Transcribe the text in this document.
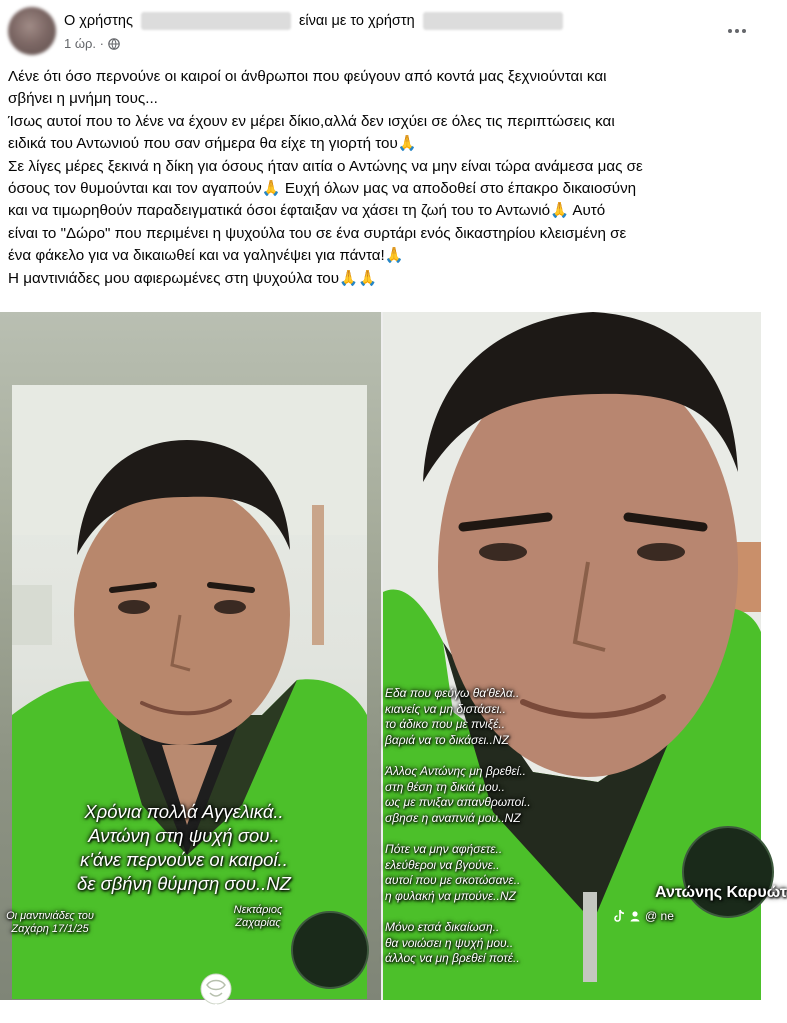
Ο χρήστης	είναι με το χρήστη
1 ώρ. ·

Λένε ότι όσο περνούνε οι καιροί οι άνθρωποι που φεύγουν από κοντά μας ξεχνιούνται και

σβήνει η μνήμη τους...

Ίσως αυτοί που το λένε να έχουν εν μέρει δίκιο,αλλά δεν ισχύει σε όλες τις περιπτώσεις και

ειδικά του Αντωνιού που σαν σήμερα θα είχε τη γιορτή του🙏

Σε λίγες μέρες ξεκινά η δίκη για όσους ήταν αιτία ο Αντώνης να μην είναι τώρα ανάμεσα μας σε

όσους τον θυμούνται και τον αγαπούν🙏 Ευχή όλων μας να αποδοθεί στο έπακρο δικαιοσύνη

και να τιμωρηθούν παραδειγματικά όσοι έφταιξαν να χάσει τη ζωή του το Αντωνιό🙏 Αυτό

είναι το "Δώρο" που περιμένει η ψυχούλα του σε ένα συρτάρι ενός δικαστηρίου κλεισμένη σε

ένα φάκελο για να δικαιωθεί και να γαληνέψει για πάντα!🙏

Η μαντινιάδες μου αφιερωμένες στη ψυχούλα του🙏🙏

Χρόνια πολλά Αγγελικά..
Αντώνη στη ψυχή σου..
κ'άνε περνούνε οι καιροί..
δε σβήνη θύμηση σου..NZ
Οι μαντινιάδες του
Ζαχάρη 17/1/25
Νεκτάριος
Ζαχαρίας
Εδα που φεύγω θα'θελα..
κιανείς να μη διστάσει..
το άδικο που με πνιξέ..
βαριά να το δικάσει..NZ

Άλλος Αντώνης μη βρεθεί..
στη θέση τη δικιά μου..
ως με πνιξαν απανθρωποί..
σβησε η αναπνιά μου..NZ

Πότε να μην αφήσετε..
ελεύθεροι να βγούνε..
αυτοί που με σκοτώσανε..
η φυλακή να μπούνε..NZ

Μόνο ετσά δικαίωση..
θα νοιώσει η ψυχή μου..
άλλος να μη βρεθεί ποτέ..
Αντώνης Καρυώτ
@ ne
